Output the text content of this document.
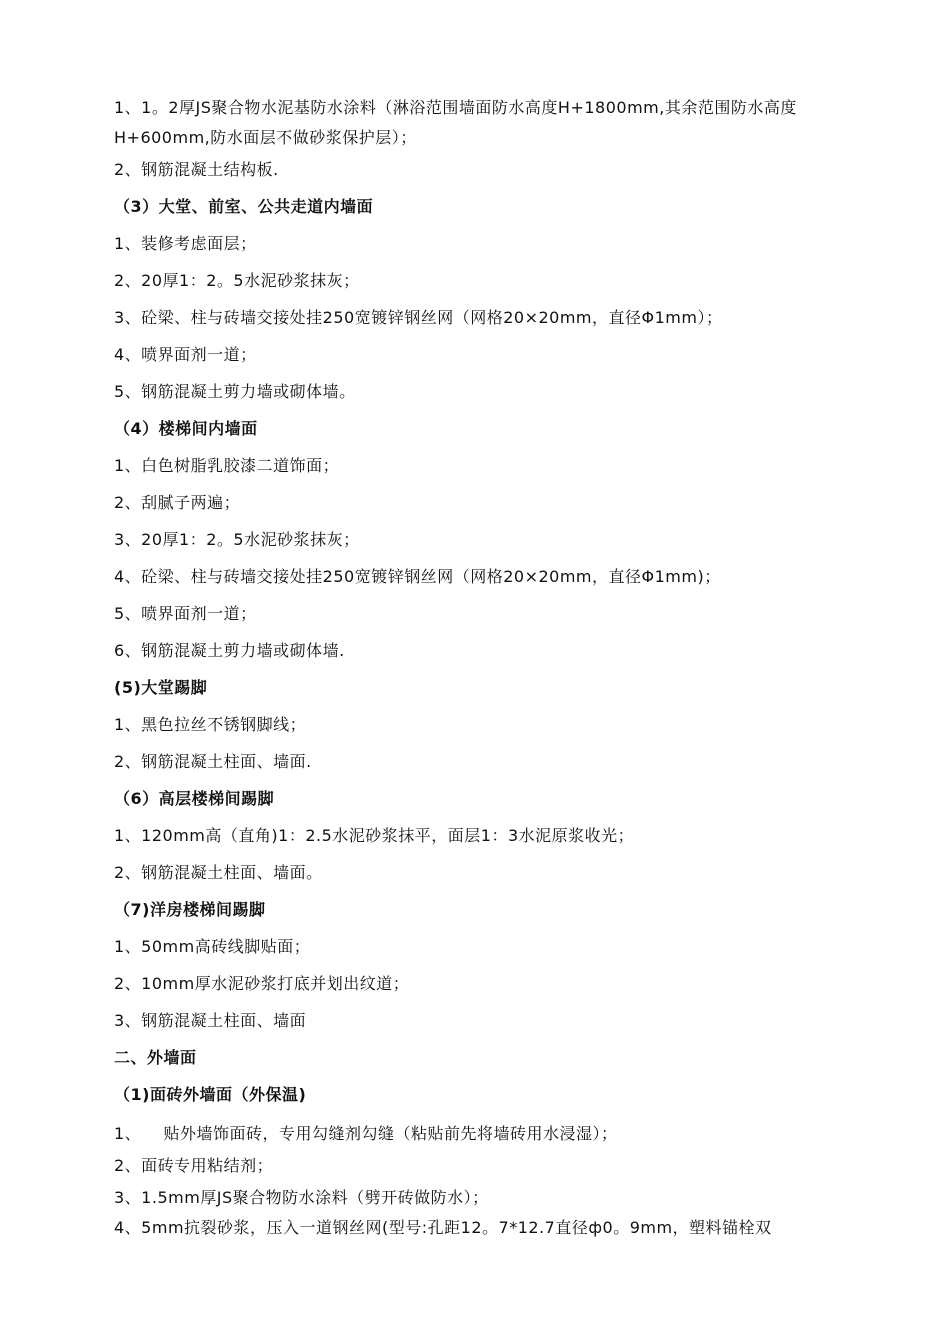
1、1。2厚JS聚合物水泥基防水涂料（淋浴范围墙面防水高度H+1800mm,其余范围防水高度H+600mm,防水面层不做砂浆保护层）；
2、钢筋混凝土结构板.
（3）大堂、前室、公共走道内墙面
1、装修考虑面层；
2、20厚1：2。5水泥砂浆抹灰；
3、砼梁、柱与砖墙交接处挂250宽镀锌钢丝网（网格20×20mm，直径Φ1mm）；
4、喷界面剂一道；
5、钢筋混凝土剪力墙或砌体墙。
（4）楼梯间内墙面
1、白色树脂乳胶漆二道饰面；
2、刮腻子两遍；
3、20厚1：2。5水泥砂浆抹灰；
4、砼梁、柱与砖墙交接处挂250宽镀锌钢丝网（网格20×20mm，直径Φ1mm)；
5、喷界面剂一道；
6、钢筋混凝土剪力墙或砌体墙.
(5)大堂踢脚
1、黑色拉丝不锈钢脚线；
2、钢筋混凝土柱面、墙面.
（6）高层楼梯间踢脚
1、120mm高（直角)1：2.5水泥砂浆抹平，面层1：3水泥原浆收光；
2、钢筋混凝土柱面、墙面。
（7)洋房楼梯间踢脚
1、50mm高砖线脚贴面；
2、10mm厚水泥砂浆打底并划出纹道；
3、钢筋混凝土柱面、墙面
二、外墙面
（1)面砖外墙面（外保温)
1、    贴外墙饰面砖，专用勾缝剂勾缝（粘贴前先将墙砖用水浸湿）；
2、面砖专用粘结剂；
3、1.5mm厚JS聚合物防水涂料（劈开砖做防水）；
4、5mm抗裂砂浆，压入一道钢丝网(型号:孔距12。7*12.7直径ф0。9mm，塑料锚栓双
